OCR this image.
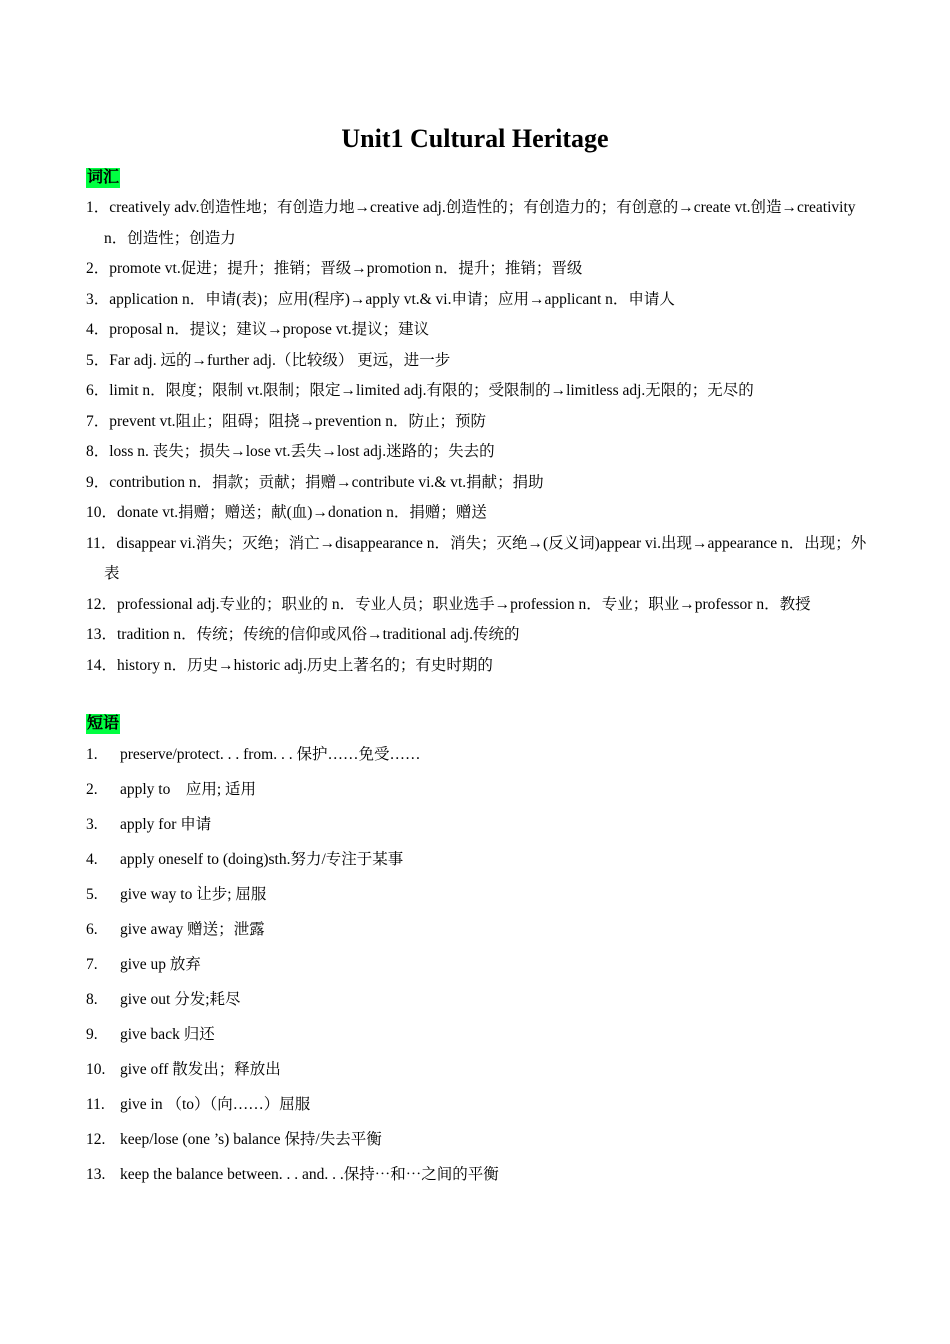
Unit1 Cultural Heritage
词汇
1．creatively adv.创造性地；有创造力地→creative adj.创造性的；有创造力的；有创意的→create vt.创造→creativity n．创造性；创造力
2．promote vt.促进；提升；推销；晋级→promotion n．提升；推销；晋级
3．application n．申请(表)；应用(程序)→apply vt.& vi.申请；应用→applicant n．申请人
4．proposal n．提议；建议→propose vt.提议；建议
5．Far adj. 远的→further adj.（比较级） 更远，进一步
6．limit n．限度；限制 vt.限制；限定→limited adj.有限的；受限制的→limitless adj.无限的；无尽的
7．prevent vt.阻止；阻碍；阻挠→prevention n．防止；预防
8．loss n. 丧失；损失→lose vt.丢失→lost adj.迷路的；失去的
9．contribution n．捐款；贡献；捐赠→contribute vi.& vt.捐献；捐助
10．donate vt.捐赠；赠送；献(血)→donation n．捐赠；赠送
11．disappear vi.消失；灭绝；消亡→disappearance n．消失；灭绝→(反义词)appear vi.出现→appearance n．出现；外表
12．professional adj.专业的；职业的 n．专业人员；职业选手→profession n．专业；职业→professor n．教授
13．tradition n．传统；传统的信仰或风俗→traditional adj.传统的
14．history n．历史→historic adj.历史上著名的；有史时期的
短语
1. preserve/protect. . . from. . . 保护……免受……
2. apply to　应用; 适用
3. apply for 申请
4. apply oneself to (doing)sth.努力/专注于某事
5. give way to 让步; 屈服
6. give away 赠送；泄露
7. give up 放弃
8. give out 分发;耗尽
9. give back 归还
10. give off 散发出；释放出
11. give in （to）（向……）屈服
12. keep/lose (one ’s) balance 保持/失去平衡
13. keep the balance between. . . and. . .保持⋯和⋯之间的平衡
